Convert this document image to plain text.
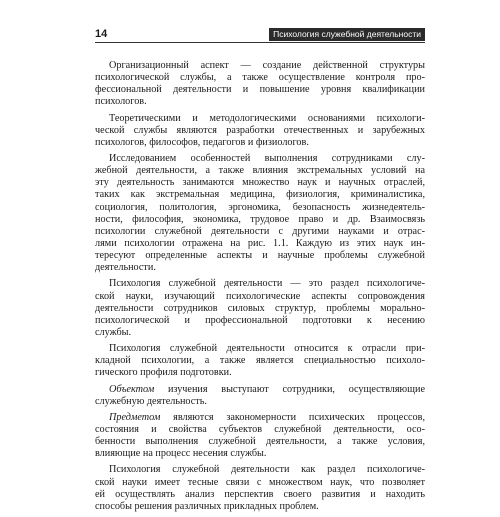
14	Психология служебной деятельности
Организационный аспект — создание действенной структуры
психологической службы, а также осуществление контроля про-
фессиональной деятельности и повышение уровня квалификации
психологов.
Теоретическими и методологическими основаниями психологи-
ческой службы являются разработки отечественных и зарубежных
психологов, философов, педагогов и физиологов.
Исследованием особенностей выполнения сотрудниками слу-
жебной деятельности, а также влияния экстремальных условий на
эту деятельность занимаются множество наук и научных отраслей,
таких как экстремальная медицина, физиология, криминалистика,
социология, политология, эргономика, безопасность жизнедеятель-
ности, философия, экономика, трудовое право и др. Взаимосвязь
психологии служебной деятельности с другими науками и отрас-
лями психологии отражена на рис. 1.1. Каждую из этих наук ин-
тересуют определенные аспекты и научные проблемы служебной
деятельности.
Психология служебной деятельности — это раздел психологиче-
ской науки, изучающий психологические аспекты сопровождения
деятельности сотрудников силовых структур, проблемы морально-
психологической и профессиональной подготовки к несению
службы.
Психология служебной деятельности относится к отрасли при-
кладной психологии, а также является специальностью психоло-
гического профиля подготовки.
Объектом изучения выступают сотрудники, осуществляющие
служебную деятельность.
Предметом являются закономерности психических процессов,
состояния и свойства субъектов служебной деятельности, осо-
бенности выполнения служебной деятельности, а также условия,
влияющие на процесс несения службы.
Психология служебной деятельности как раздел психологиче-
ской науки имеет тесные связи с множеством наук, что позволяет
ей осуществлять анализ перспектив своего развития и находить
способы решения различных прикладных проблем.
